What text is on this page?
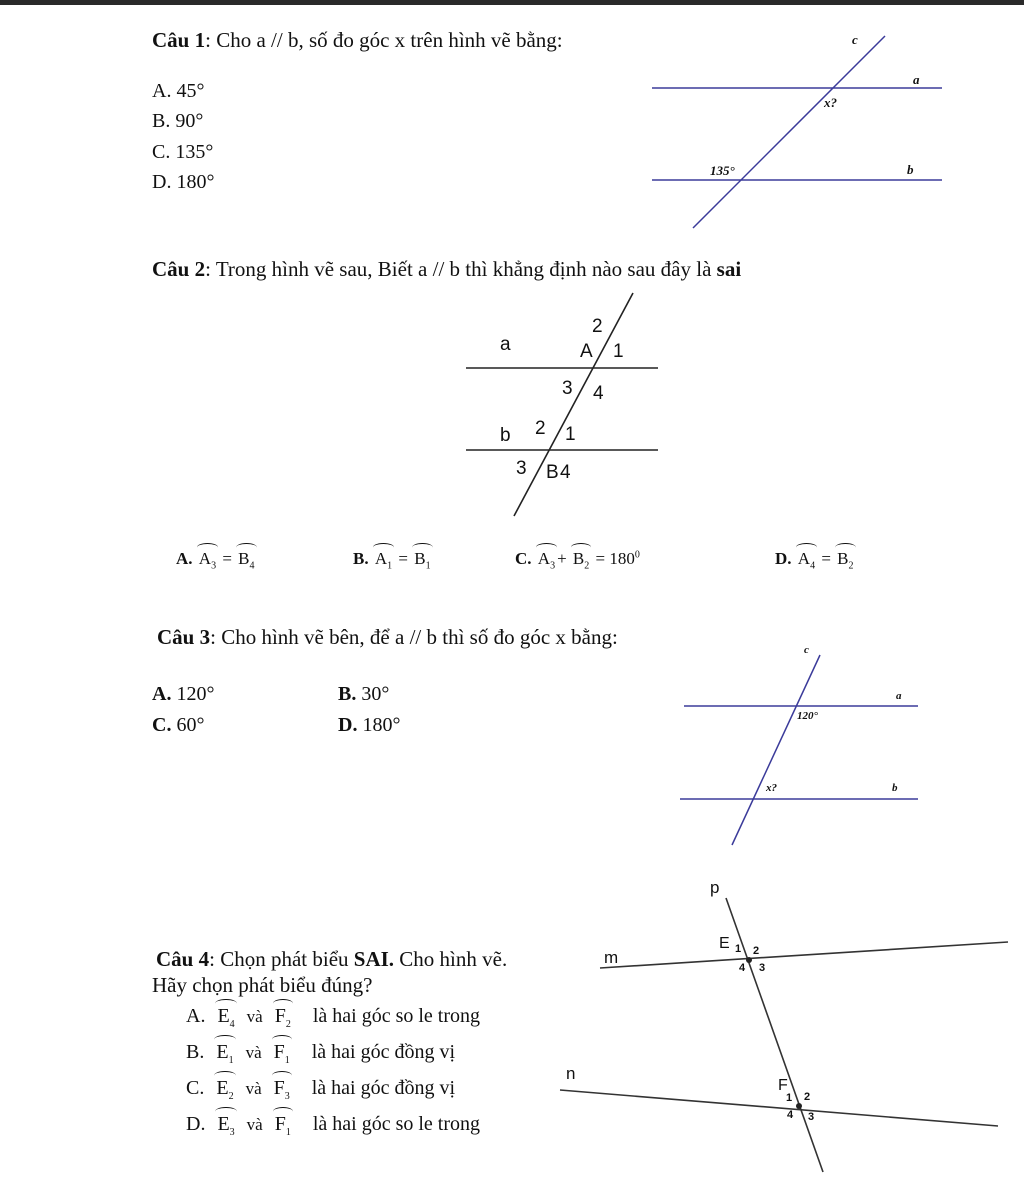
Câu 1: Cho a // b, số đo góc x trên hình vẽ bằng:
A. 45°
B. 90°
C. 135°
D. 180°
c
a
b
x?
135°
Câu 2: Trong hình vẽ sau, Biết a // b thì khẳng định nào sau đây là sai
a
b
2
A 1
3 4
2 1
3 B 4
A. $A_3 = B_4$	B. $A_1 = B_1$	C. $A_3 + B_2 = 180^0$	D. $A_4 = B_2$
Câu 3: Cho hình vẽ bên, để a // b thì số đo góc x bằng:
A. 120°	B. 30°
C. 60°	D. 180°
c
a
b
120°
x?
Câu 4: Chọn phát biểu SAI. Cho hình vẽ.
Hãy chọn phát biểu đúng?
A. $E_4$ và $F_2$ là hai góc so le trong
B. $E_1$ và $F_1$ là hai góc đồng vị
C. $E_2$ và $F_3$ là hai góc đồng vị
D. $E_3$ và $F_1$ là hai góc so le trong
p
m
n
E 1 2
4 3
F
1 2
4 3
